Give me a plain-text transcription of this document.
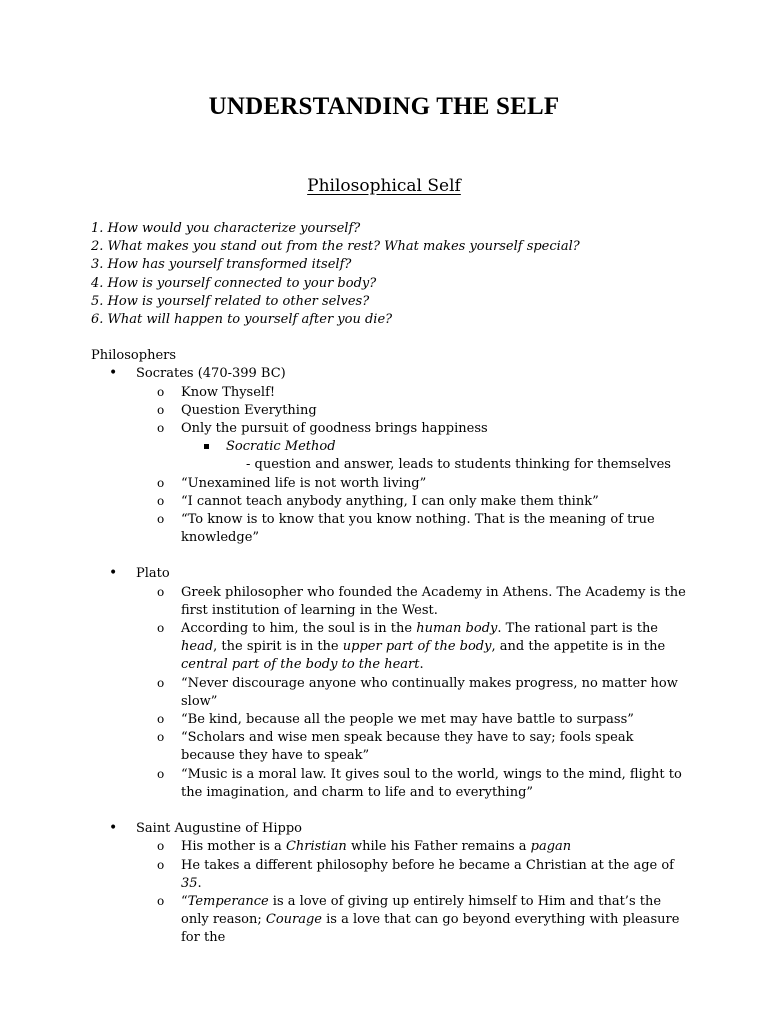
UNDERSTANDING THE SELF
Philosophical Self
1. How would you characterize yourself?
2. What makes you stand out from the rest? What makes yourself special?
3. How has yourself transformed itself?
4. How is yourself connected to your body?
5. How is yourself related to other selves?
6. What will happen to yourself after you die?
Philosophers
• Socrates (470-399 BC)
o Know Thyself!
o Question Everything
o Only the pursuit of goodness brings happiness
Socratic Method
- question and answer, leads to students thinking for themselves
o “Unexamined life is not worth living”
o “I cannot teach anybody anything, I can only make them think”
o “To know is to know that you know nothing. That is the meaning of true knowledge”
• Plato
o Greek philosopher who founded the Academy in Athens. The Academy is the first institution of learning in the West.
o According to him, the soul is in the human body. The rational part is the head, the spirit is in the upper part of the body, and the appetite is in the central part of the body to the heart.
o “Never discourage anyone who continually makes progress, no matter how slow”
o “Be kind, because all the people we met may have battle to surpass”
o “Scholars and wise men speak because they have to say; fools speak because they have to speak”
o “Music is a moral law. It gives soul to the world, wings to the mind, flight to the imagination, and charm to life and to everything”
• Saint Augustine of Hippo
o His mother is a Christian while his Father remains a pagan
o He takes a different philosophy before he became a Christian at the age of 35.
o “Temperance is a love of giving up entirely himself to Him and that’s the only reason; Courage is a love that can go beyond everything with pleasure for the
